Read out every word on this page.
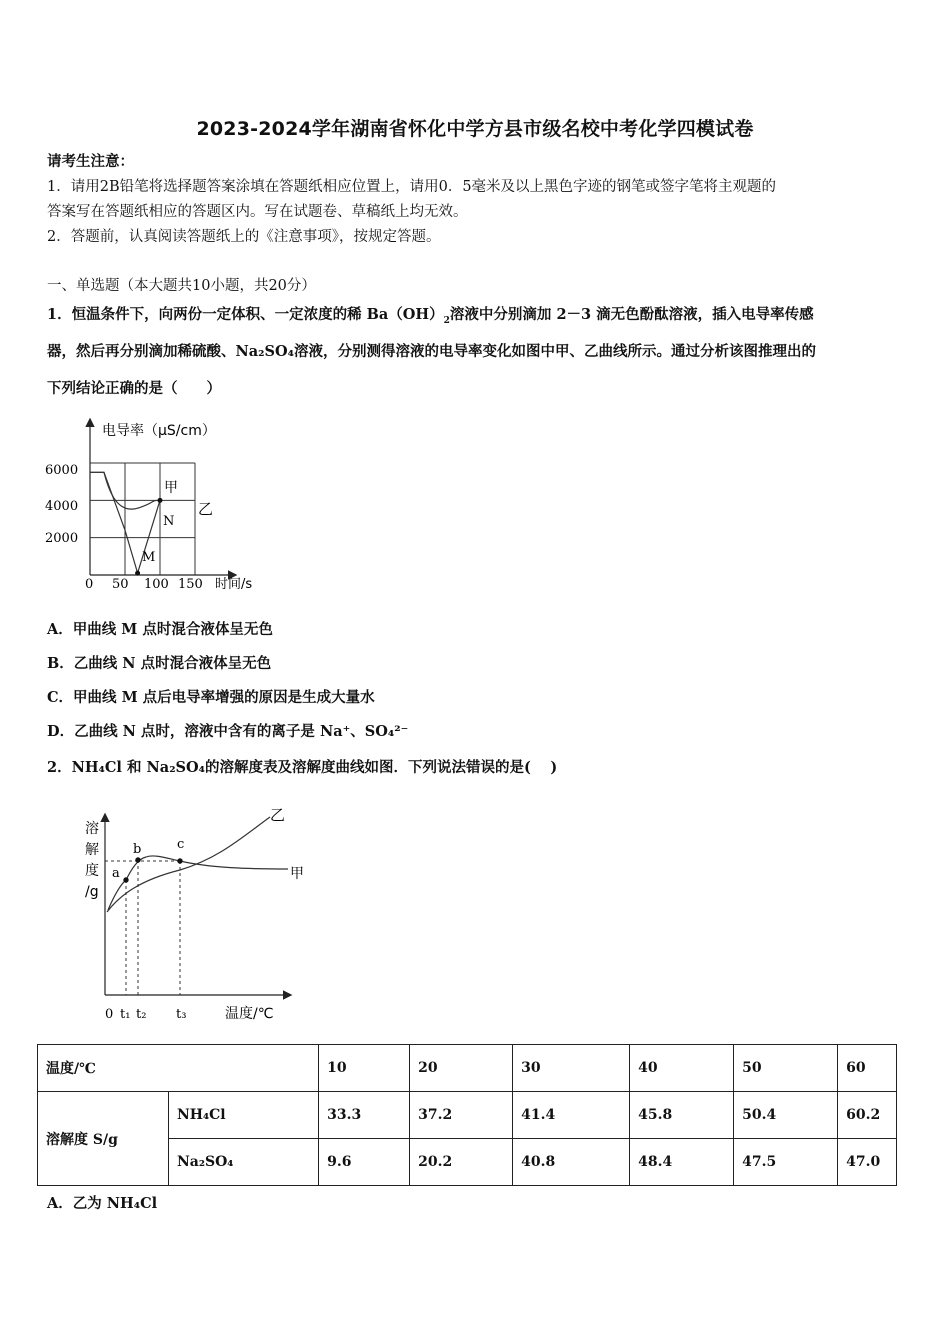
2023-2024学年湖南省怀化中学方县市级名校中考化学四模试卷
请考生注意：
1．请用2B铅笔将选择题答案涂填在答题纸相应位置上，请用0．5毫米及以上黑色字迹的钢笔或签字笔将主观题的
答案写在答题纸相应的答题区内。写在试题卷、草稿纸上均无效。
2．答题前，认真阅读答题纸上的《注意事项》，按规定答题。
一、单选题（本大题共10小题，共20分）
1．恒温条件下，向两份一定体积、一定浓度的稀 $Ba(OH)_2$溶液中分别滴加 2－3 滴无色酚酞溶液，插入电导率传感
器，然后再分别滴加稀硫酸、Na₂SO₄溶液，分别测得溶液的电导率变化如图中甲、乙曲线所示。通过分析该图推理出的
下列结论正确的是（　　）
电导率（μS/cm）
6000
4000
2000
0 50 100 150 时间/s
甲
乙
N
M
A．甲曲线 M 点时混合液体呈无色
B．乙曲线 N 点时混合液体呈无色
C．甲曲线 M 点后电导率增强的原因是生成大量水
D．乙曲线 N 点时，溶液中含有的离子是 Na⁺、SO₄²⁻
2．NH₄Cl 和 Na₂SO₄的溶解度表及溶解度曲线如图．下列说法错误的是(　 )
a
b	c
乙
甲
溶
解
度
/g
0 t₁ t₂ t₃	温度/℃
温度/℃		10	20	30	40	50	60
溶解度 S/g	NH₄Cl	33.3	37.2	41.4	45.8	50.4	60.2
	Na₂SO₄	9.6	20.2	40.8	48.4	47.5	47.0
A．乙为 NH₄Cl
